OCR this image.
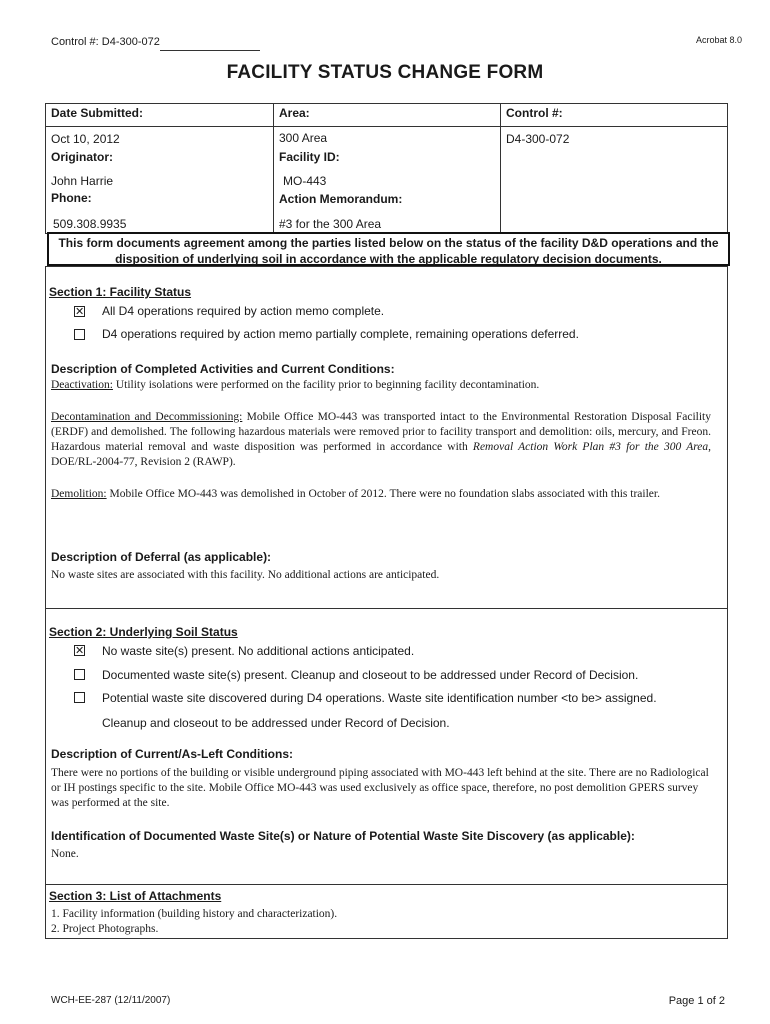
Control #: D4-300-072	Acrobat 8.0
FACILITY STATUS CHANGE FORM
Date Submitted:
Oct 10, 2012
Originator:
John Harrie
Phone:
509.308.9935
Area:
300 Area
Facility ID:
MO-443
Action Memorandum:
#3 for the 300 Area
Control #:
D4-300-072
This form documents agreement among the parties listed below on the status of the facility D&D operations and the disposition of underlying soil in accordance with the applicable regulatory decision documents.
Section 1: Facility Status
✕ All D4 operations required by action memo complete.
D4 operations required by action memo partially complete, remaining operations deferred.
Description of Completed Activities and Current Conditions:
Deactivation: Utility isolations were performed on the facility prior to beginning facility decontamination.
Decontamination and Decommissioning: Mobile Office MO-443 was transported intact to the Environmental Restoration Disposal Facility (ERDF) and demolished. The following hazardous materials were removed prior to facility transport and demolition: oils, mercury, and Freon. Hazardous material removal and waste disposition was performed in accordance with Removal Action Work Plan #3 for the 300 Area, DOE/RL-2004-77, Revision 2 (RAWP).
Demolition: Mobile Office MO-443 was demolished in October of 2012. There were no foundation slabs associated with this trailer.
Description of Deferral (as applicable):
No waste sites are associated with this facility. No additional actions are anticipated.
Section 2: Underlying Soil Status
✕ No waste site(s) present. No additional actions anticipated.
Documented waste site(s) present. Cleanup and closeout to be addressed under Record of Decision.
Potential waste site discovered during D4 operations. Waste site identification number <to be> assigned.
Cleanup and closeout to be addressed under Record of Decision.
Description of Current/As-Left Conditions:
There were no portions of the building or visible underground piping associated with MO-443 left behind at the site. There are no Radiological or IH postings specific to the site. Mobile Office MO-443 was used exclusively as office space, therefore, no post demolition GPERS survey was performed at the site.
Identification of Documented Waste Site(s) or Nature of Potential Waste Site Discovery (as applicable):
None.
Section 3: List of Attachments
1. Facility information (building history and characterization).
2. Project Photographs.
WCH-EE-287 (12/11/2007)	Page 1 of 2
